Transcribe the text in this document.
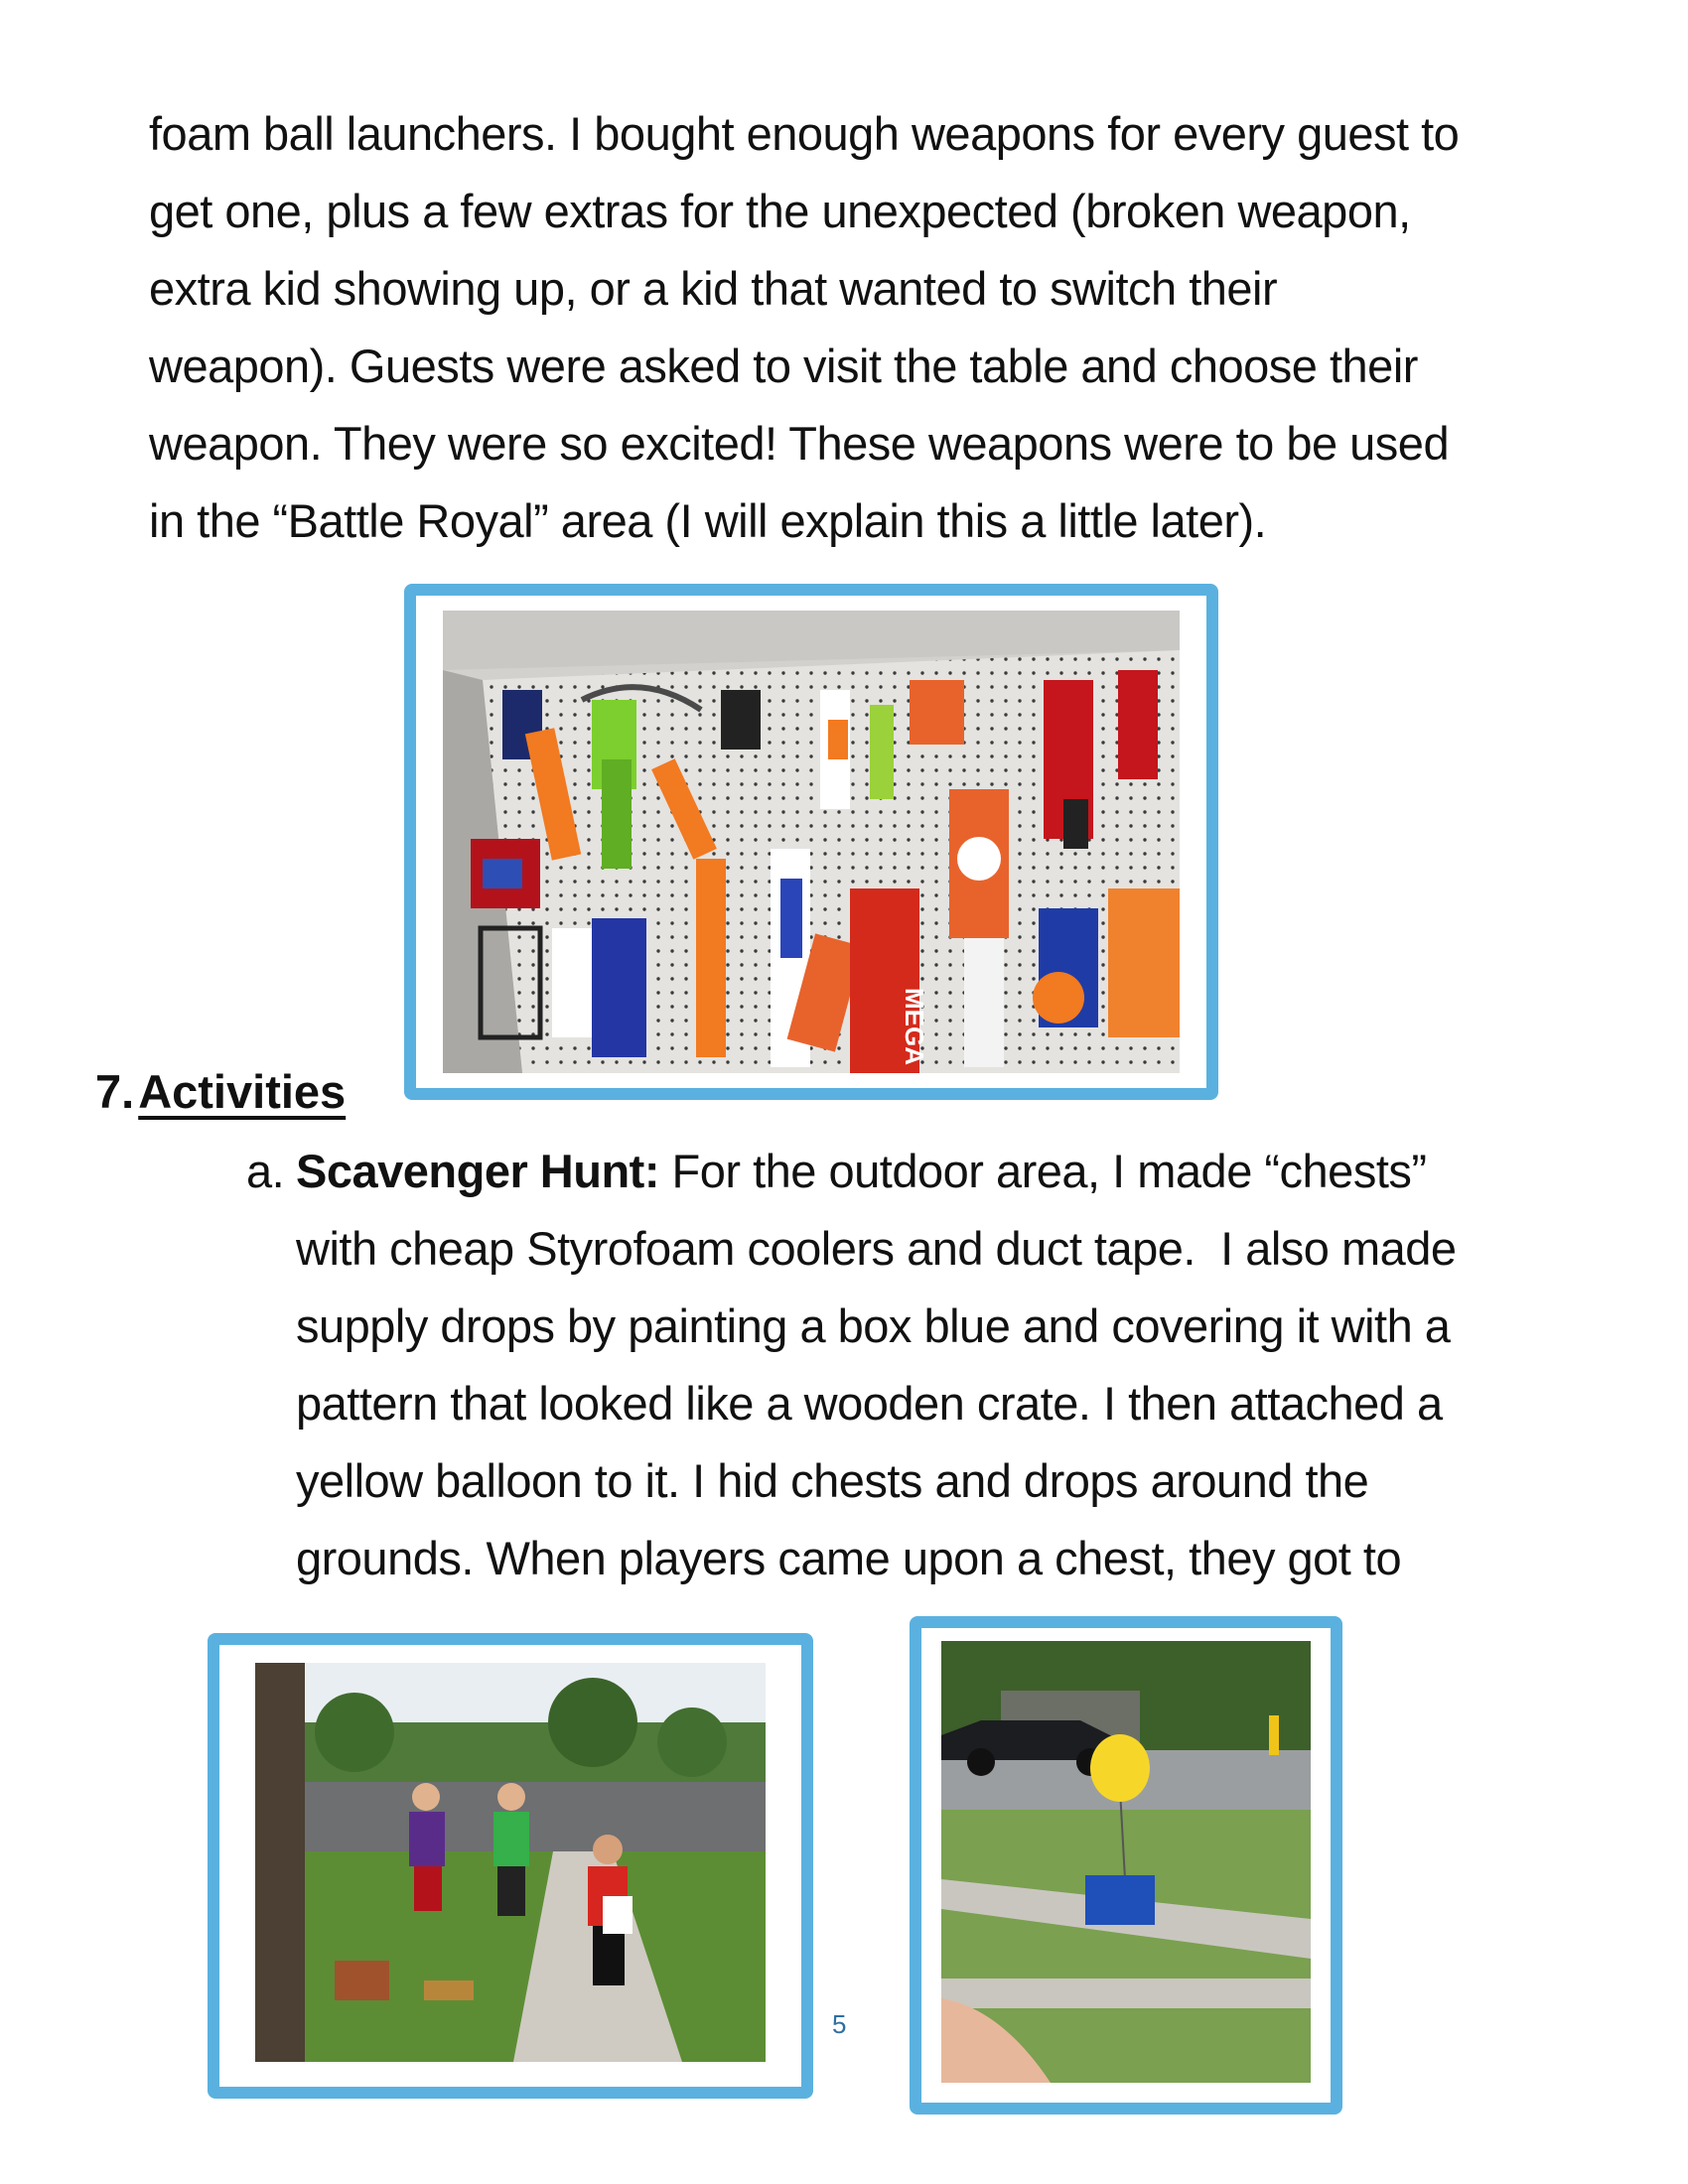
foam ball launchers. I bought enough weapons for every guest to
get one, plus a few extras for the unexpected (broken weapon,
extra kid showing up, or a kid that wanted to switch their
weapon). Guests were asked to visit the table and choose their
weapon. They were so excited! These weapons were to be used
in the “Battle Royal” area (I will explain this a little later).

MEGA
7.Activities

a. Scavenger Hunt: For the outdoor area, I made “chests”
with cheap Styrofoam coolers and duct tape.  I also made
supply drops by painting a box blue and covering it with a
pattern that looked like a wooden crate. I then attached a
yellow balloon to it. I hid chests and drops around the
grounds. When players came upon a chest, they got to

5
